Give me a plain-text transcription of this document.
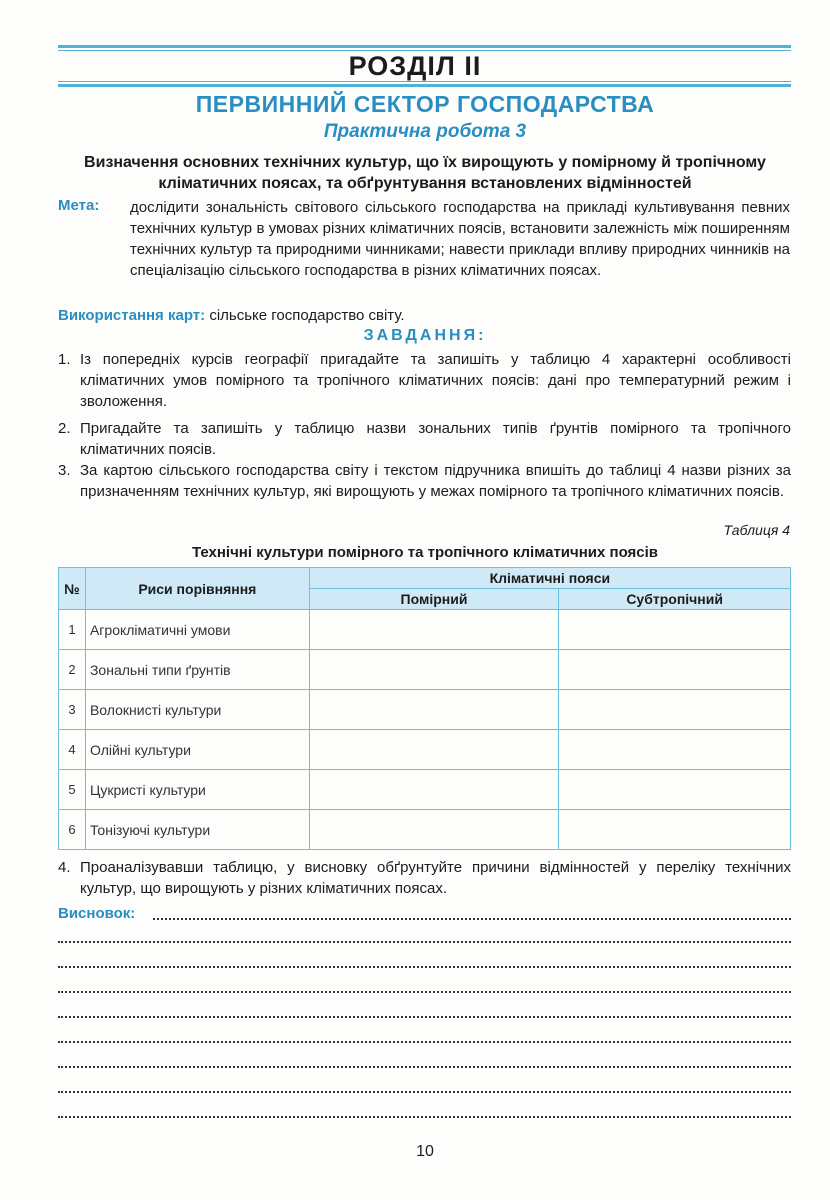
РОЗДІЛ II
ПЕРВИННИЙ СЕКТОР ГОСПОДАРСТВА
Практична робота 3
Визначення основних технічних культур, що їх вирощують у помірному й тропічному кліматичних поясах, та обґрунтування встановлених відмінностей
Мета: дослідити зональність світового сільського господарства на прикладі культивування певних технічних культур в умовах різних кліматичних поясів, встановити залежність між поширенням технічних культур та природними чинниками; навести приклади впливу природних чинників на спеціалізацію сільського господарства в різних кліматичних поясах.
Використання карт: сільське господарство світу.
ЗАВДАННЯ:
1. Із попередніх курсів географії пригадайте та запишіть у таблицю 4 характерні особливості кліматичних умов помірного та тропічного кліматичних поясів: дані про температурний режим і зволоження.
2. Пригадайте та запишіть у таблицю назви зональних типів ґрунтів помірного та тропічного кліматичних поясів.
3. За картою сільського господарства світу і текстом підручника впишіть до таблиці 4 назви різних за призначенням технічних культур, які вирощують у межах помірного та тропічного кліматичних поясів.
Таблиця 4
Технічні культури помірного та тропічного кліматичних поясів
№	Риси порівняння	Кліматичні пояси	
		Помірний	Субтропічний
1	Агрокліматичні умови		
2	Зональні типи ґрунтів		
3	Волокнисті культури		
4	Олійні культури		
5	Цукристі культури		
6	Тонізуючі культури		
4. Проаналізувавши таблицю, у висновку обґрунтуйте причини відмінностей у переліку технічних культур, що вирощують у різних кліматичних поясах.
Висновок:
10
